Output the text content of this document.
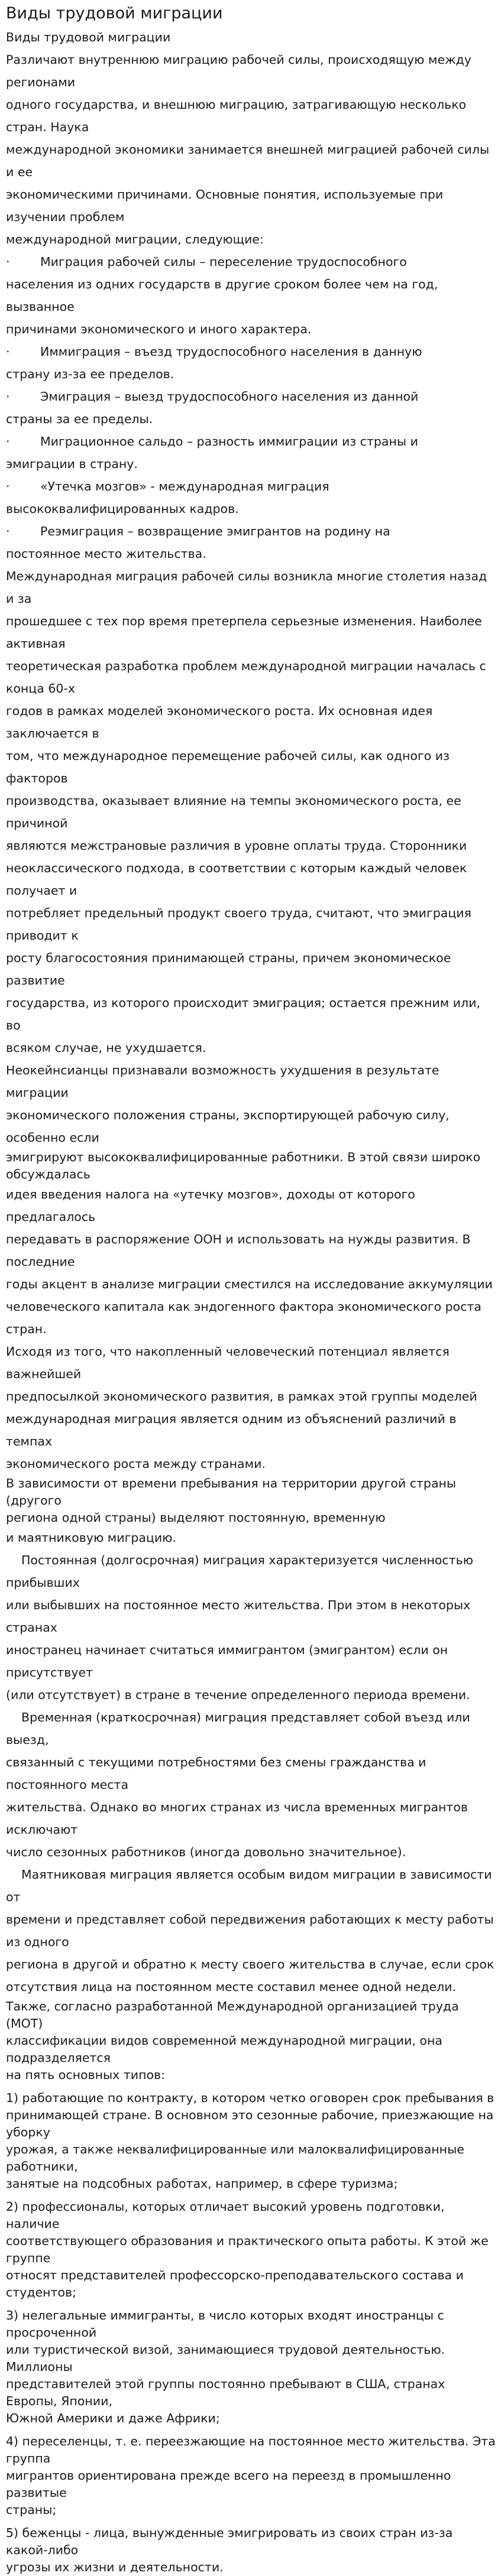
Виды трудовой миграции

Виды трудовой миграции

Различают внутреннюю миграцию рабочей силы, происходящую между регионами
одного государства, и внешнюю миграцию, затрагивающую несколько стран. Наука
международной экономики занимается внешней миграцией рабочей силы и ее
экономическими причинами. Основные понятия, используемые при изучении проблем
международной миграции, следующие:
·	Миграция рабочей силы – переселение трудоспособного
населения из одних государств в другие сроком более чем на год, вызванное
причинами экономического и иного характера.
·	Иммиграция – въезд трудоспособного населения в данную
страну из-за ее пределов.
·	Эмиграция – выезд трудоспособного населения из данной
страны за ее пределы.
·	Миграционное сальдо – разность иммиграции из страны и
эмиграции в страну.
·	«Утечка мозгов» - международная миграция
высококвалифицированных кадров.
·	Реэмиграция – возвращение эмигрантов на родину на
постоянное место жительства.
Международная миграция рабочей силы возникла многие столетия назад и за
прошедшее с тех пор время претерпела серьезные изменения. Наиболее активная
теоретическая разработка проблем международной миграции началась с конца 60-х
годов в рамках моделей экономического роста. Их основная идея заключается в
том, что международное перемещение рабочей силы, как одного из факторов
производства, оказывает влияние на темпы экономического роста, ее причиной
являются межстрановые различия в уровне оплаты труда. Сторонники
неоклассического подхода, в соответствии с которым каждый человек получает и
потребляет предельный продукт своего труда, считают, что эмиграция приводит к
росту благосостояния принимающей страны, причем экономическое развитие
государства, из которого происходит эмиграция; остается прежним или, во
всяком случае, не ухудшается.
Неокейнсианцы признавали возможность ухудшения в результате миграции
экономического положения страны, экспортирующей рабочую силу, особенно если
эмигрируют высококвалифицированные работники. В этой связи широко
обсуждалась
идея введения налога на «утечку мозгов», доходы от которого предлагалось
передавать в распоряжение ООН и использовать на нужды развития. В последние
годы акцент в анализе миграции сместился на исследование аккумуляции
человеческого капитала как эндогенного фактора экономического роста стран.
Исходя из того, что накопленный человеческий потенциал является важнейшей
предпосылкой экономического развития, в рамках этой группы моделей
международная миграция является одним из объяснений различий в темпах
экономического роста между странами.
В зависимости от времени пребывания на территории другой страны (другого
региона одной страны) выделяют постоянную, временную
и маятниковую миграцию.
Постоянная (долгосрочная) миграция характеризуется численностью прибывших
или выбывших на постоянное место жительства. При этом в некоторых странах
иностранец начинает считаться иммигрантом (эмигрантом) если он присутствует
(или отсутствует) в стране в течение определенного периода времени.
Временная (краткосрочная) миграция представляет собой въезд или выезд,
связанный с текущими потребностями без смены гражданства и постоянного места
жительства. Однако во многих странах из числа временных мигрантов исключают
число сезонных работников (иногда довольно значительное).
Маятниковая миграция является особым видом миграции в зависимости от
времени и представляет собой передвижения работающих к месту работы из одного
региона в другой и обратно к месту своего жительства в случае, если срок
отсутствия лица на постоянном месте составил менее одной недели.
Также, согласно разработанной Международной организацией труда (МОТ)
классификации видов современной международной миграции, она подразделяется
на пять основных типов:
1) работающие по контракту, в котором четко оговорен срок пребывания в
принимающей стране. В основном это сезонные рабочие, приезжающие на уборку
урожая, а также неквалифицированные или малоквалифицированные работники,
занятые на подсобных работах, например, в сфере туризма;
2) профессионалы, которых отличает высокий уровень подготовки, наличие
соответствующего образования и практического опыта работы. К этой же группе
относят представителей профессорско-преподавательского состава и студентов;
3) нелегальные иммигранты, в число которых входят иностранцы с просроченной
или туристической визой, занимающиеся трудовой деятельностью. Миллионы
представителей этой группы постоянно пребывают в США, странах Европы, Японии,
Южной Америки и даже Африки;
4) переселенцы, т. е. переезжающие на постоянное место жительства. Эта группа
мигрантов ориентирована прежде всего на переезд в промышленно развитые
страны;
5) беженцы - лица, вынужденные эмигрировать из своих стран из-за какой-либо
угрозы их жизни и деятельности.
